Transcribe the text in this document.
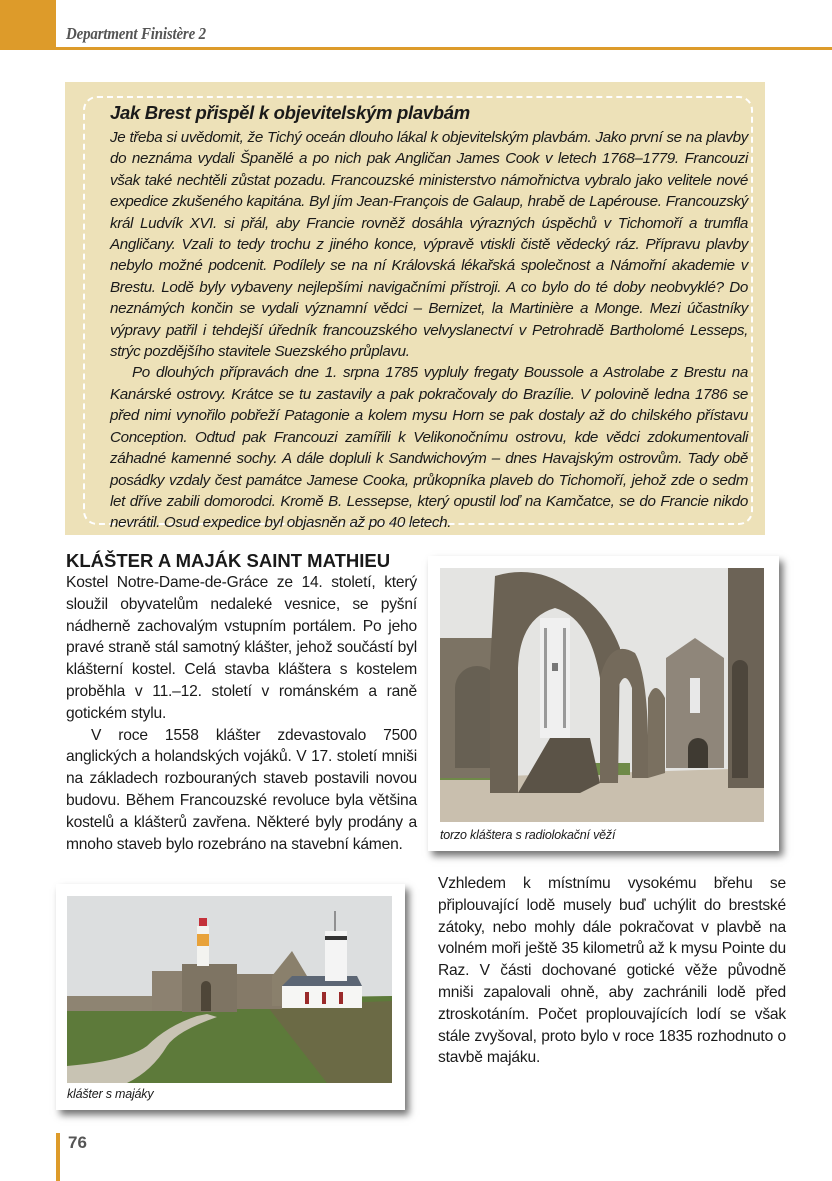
Department Finistère 2
Jak Brest přispěl k objevitelským plavbám

Je třeba si uvědomit, že Tichý oceán dlouho lákal k objevitelským plavbám. Jako první se na plavby do neznáma vydali Španělé a po nich pak Angličan James Cook v letech 1768–1779. Francouzi však také nechtěli zůstat pozadu. Francouzské ministerstvo námořnictva vybralo jako velitele nové expedice zkušeného kapitána. Byl jím Jean-François de Galaup, hrabě de Lapérouse. Francouzský král Ludvík XVI. si přál, aby Francie rovněž dosáhla výrazných úspěchů v Tichomoří a trumfla Angličany. Vzali to tedy trochu z jiného konce, výpravě vtiskli čistě vědecký ráz. Přípravu plavby nebylo možné podcenit. Podílely se na ní Královská lékařská společnost a Námořní akademie v Brestu. Lodě byly vybaveny nejlepšími navigačními přístroji. A co bylo do té doby neobvyklé? Do neznámých končin se vydali významní vědci – Bernizet, la Martinière a Monge. Mezi účastníky výpravy patřil i tehdejší úředník francouzského velvyslanectví v Petrohradě Bartholomé Lesseps, strýc pozdějšího stavitele Suezského průplavu.

Po dlouhých přípravách dne 1. srpna 1785 vypluly fregaty Boussole a Astrolabe z Brestu na Kanárské ostrovy. Krátce se tu zastavily a pak pokračovaly do Brazílie. V polovině ledna 1786 se před nimi vynořilo pobřeží Patagonie a kolem mysu Horn se pak dostaly až do chilského přístavu Conception. Odtud pak Francouzi zamířili k Velikonočnímu ostrovu, kde vědci zdokumentovali záhadné kamenné sochy. A dále dopluli k Sandwichovým – dnes Havajským ostrovům. Tady obě posádky vzdaly čest památce Jamese Cooka, průkopníka plaveb do Tichomoří, jehož zde o sedm let dříve zabili domorodci. Kromě B. Lessepse, který opustil loď na Kamčatce, se do Francie nikdo nevrátil. Osud expedice byl objasněn až po 40 letech.

KLÁŠTER A MAJÁK SAINT MATHIEU

Kostel Notre-Dame-de-Gráce ze 14. století, který sloužil obyvatelům nedaleké vesnice, se pyšní nádherně zachovalým vstupním portálem. Po jeho pravé straně stál samotný klášter, jehož součástí byl klášterní kostel. Celá stavba kláštera s kostelem proběhla v 11.–12. století v románském a raně gotickém stylu.

V roce 1558 klášter zdevastovalo 7500 anglických a holandských vojáků. V 17. století mniši na základech rozbouraných staveb postavili novou budovu. Během Francouzské revoluce byla většina kostelů a klášterů zavřena. Některé byly prodány a mnoho staveb bylo rozebráno na stavební kámen.

torzo kláštera s radiolokační věží

Vzhledem k místnímu vysokému břehu se připlouvající lodě musely buď uchýlit do brestské zátoky, nebo mohly dále pokračovat v plavbě na volném moři ještě 35 kilometrů až k mysu Pointe du Raz. V části dochované gotické věže původně mniši zapalovali ohně, aby zachránili lodě před ztroskotáním. Počet proplouvajících lodí se však stále zvyšoval, proto bylo v roce 1835 rozhodnuto o stavbě majáku.

klášter s majáky
76
